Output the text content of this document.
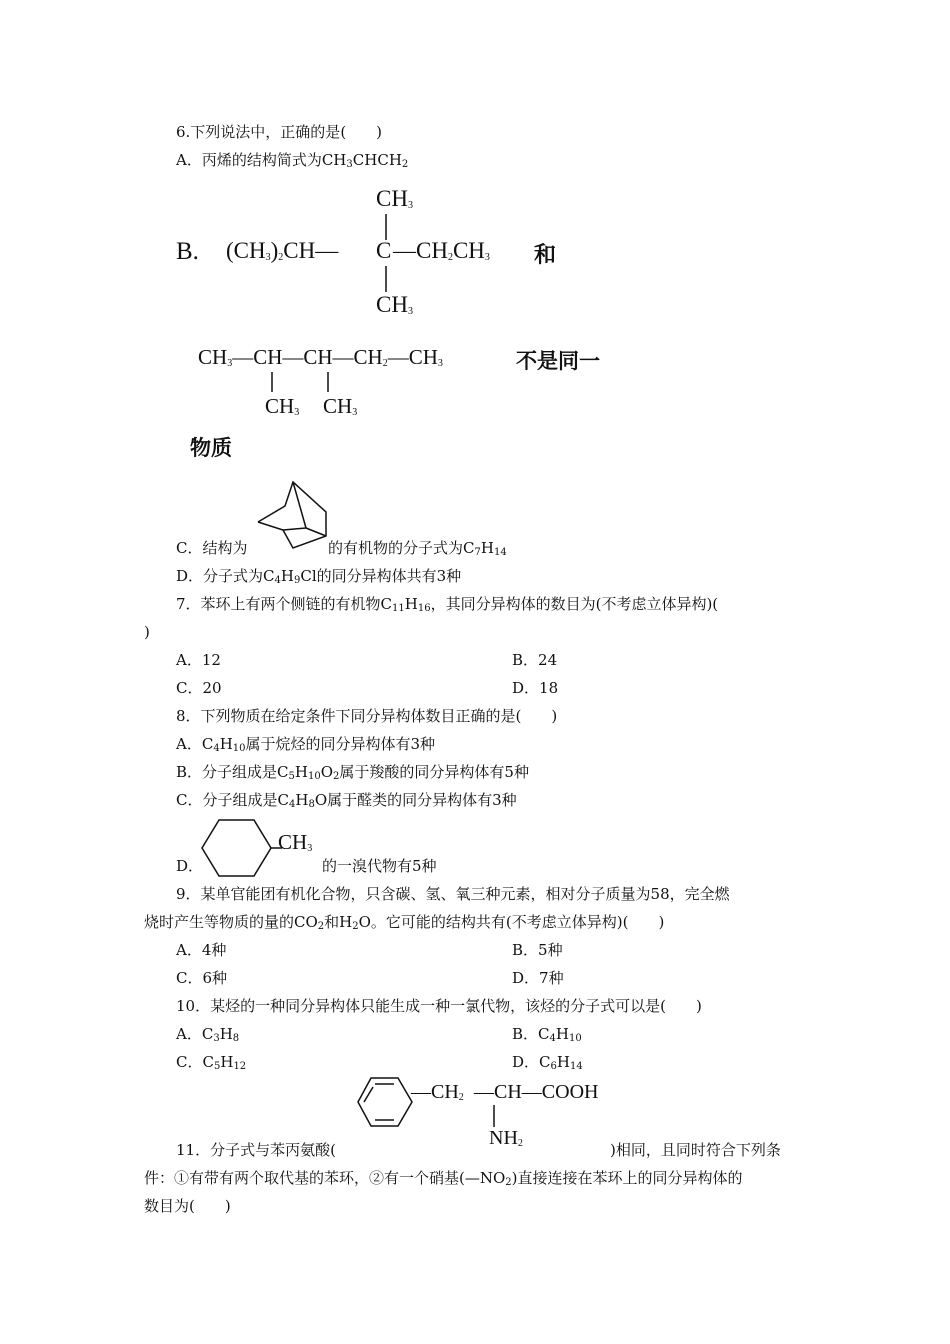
6.下列说法中，正确的是(　　)
A．丙烯的结构简式为$CH_3CHCH_2$
B. $(CH_3)_2CH—$ C $—CH_2CH_3$ 和
$CH_3$
$CH_3$
$CH_3—CH—CH—CH_2—CH_3$
$CH_3$ $CH_3$
不是同一
物质
C．结构为	的有机物的分子式为$C_7H_{14}$
D．分子式为$C_4H_9Cl$的同分异构体共有3种
7．苯环上有两个侧链的有机物$C_{11}H_{16}$，其同分异构体的数目为(不考虑立体异构)(
)
A．12	B．24
C．20	D．18
8．下列物质在给定条件下同分异构体数目正确的是(　　)
A．$C_4H_{10}$属于烷烃的同分异构体有3种
B．分子组成是$C_5H_{10}O_2$属于羧酸的同分异构体有5种
C．分子组成是$C_4H_8O$属于醛类的同分异构体有3种
$CH_3$
D．	的一溴代物有5种
9．某单官能团有机化合物，只含碳、氢、氧三种元素，相对分子质量为58，完全燃
烧时产生等物质的量的$CO_2$和$H_2O$。它可能的结构共有(不考虑立体异构)(　　)
A．4种	B．5种
C．6种	D．7种
10．某烃的一种同分异构体只能生成一种一氯代物，该烃的分子式可以是(　　)
A．$C_3H_8$	B．$C_4H_{10}$
C．$C_5H_{12}$	D．$C_6H_{14}$
$—CH_2$ —CH—COOH
$NH_2$
11．分子式与苯丙氨酸(	)相同，且同时符合下列条
件：①有带有两个取代基的苯环，②有一个硝基$(—NO_2)$直接连接在苯环上的同分异构体的
数目为(　　)
